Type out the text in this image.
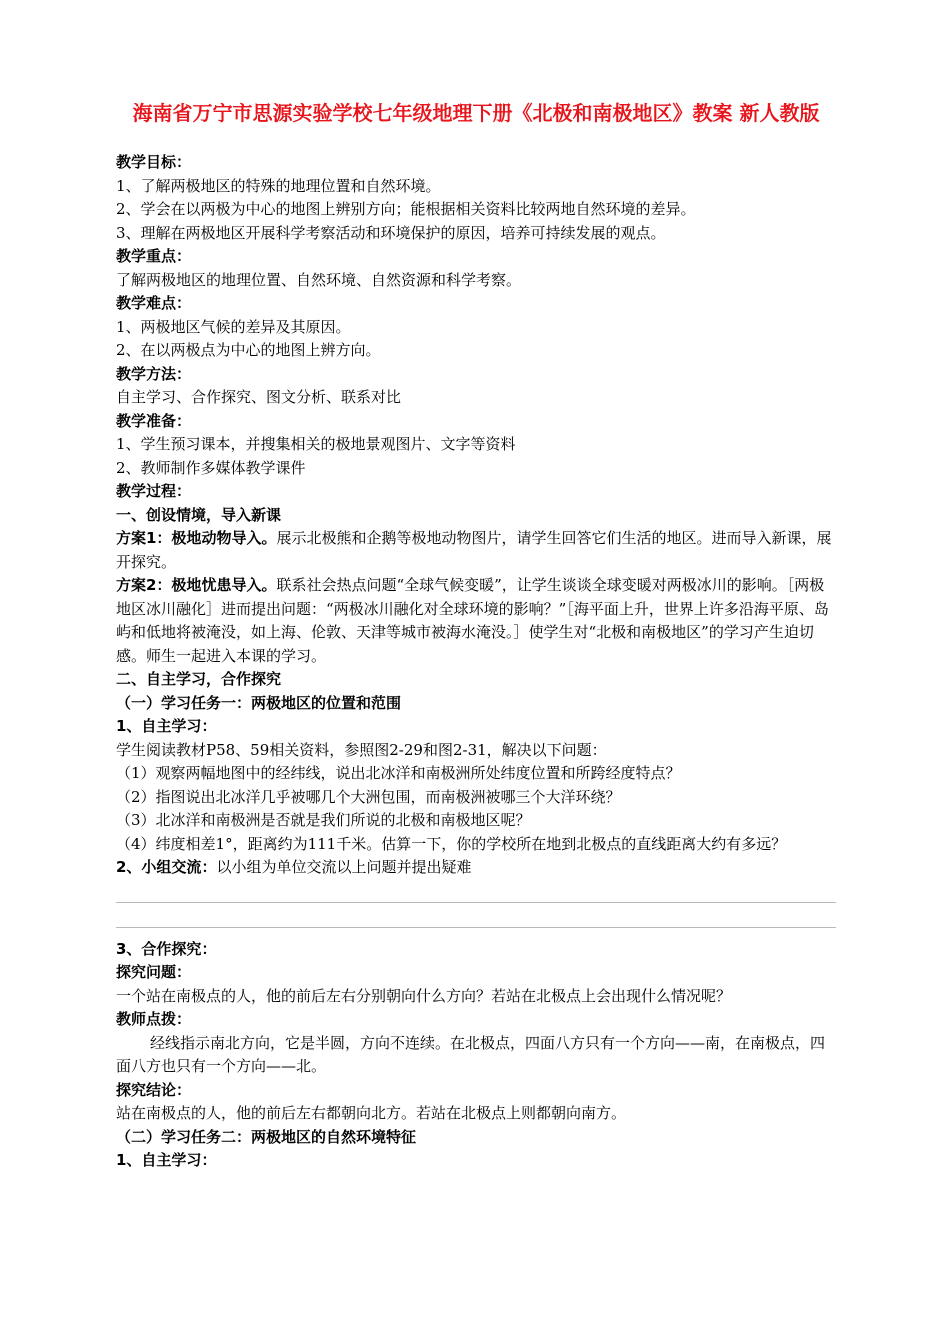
海南省万宁市思源实验学校七年级地理下册《北极和南极地区》教案 新人教版

教学目标：

1、了解两极地区的特殊的地理位置和自然环境。

2、学会在以两极为中心的地图上辨别方向；能根据相关资料比较两地自然环境的差异。

3、理解在两极地区开展科学考察活动和环境保护的原因，培养可持续发展的观点。

教学重点：

了解两极地区的地理位置、自然环境、自然资源和科学考察。

教学难点：

1、两极地区气候的差异及其原因。

2、在以两极点为中心的地图上辨方向。

教学方法：

自主学习、合作探究、图文分析、联系对比

教学准备：

1、学生预习课本，并搜集相关的极地景观图片、文字等资料

2、教师制作多媒体教学课件

教学过程：

一、创设情境，导入新课

方案1：极地动物导入。展示北极熊和企鹅等极地动物图片，请学生回答它们生活的地区。进而导入新课，展开探究。

方案2：极地忧患导入。联系社会热点问题“全球气候变暖”，让学生谈谈全球变暖对两极冰川的影响。［两极地区冰川融化］进而提出问题：“两极冰川融化对全球环境的影响？”［海平面上升，世界上许多沿海平原、岛屿和低地将被淹没，如上海、伦敦、天津等城市被海水淹没。］使学生对“北极和南极地区”的学习产生迫切感。师生一起进入本课的学习。

二、自主学习，合作探究

（一）学习任务一：两极地区的位置和范围

1、自主学习：

学生阅读教材P58、59相关资料，参照图2-29和图2-31，解决以下问题：

（1）观察两幅地图中的经纬线，说出北冰洋和南极洲所处纬度位置和所跨经度特点？

（2）指图说出北冰洋几乎被哪几个大洲包围，而南极洲被哪三个大洋环绕？

（3）北冰洋和南极洲是否就是我们所说的北极和南极地区呢？

（4）纬度相差1°，距离约为111千米。估算一下，你的学校所在地到北极点的直线距离大约有多远？

2、小组交流：以小组为单位交流以上问题并提出疑难

3、合作探究：

探究问题：

一个站在南极点的人，他的前后左右分别朝向什么方向？若站在北极点上会出现什么情况呢？

教师点拨：

经线指示南北方向，它是半圆，方向不连续。在北极点，四面八方只有一个方向——南，在南极点，四面八方也只有一个方向——北。

探究结论：

站在南极点的人，他的前后左右都朝向北方。若站在北极点上则都朝向南方。

（二）学习任务二：两极地区的自然环境特征

1、自主学习：
